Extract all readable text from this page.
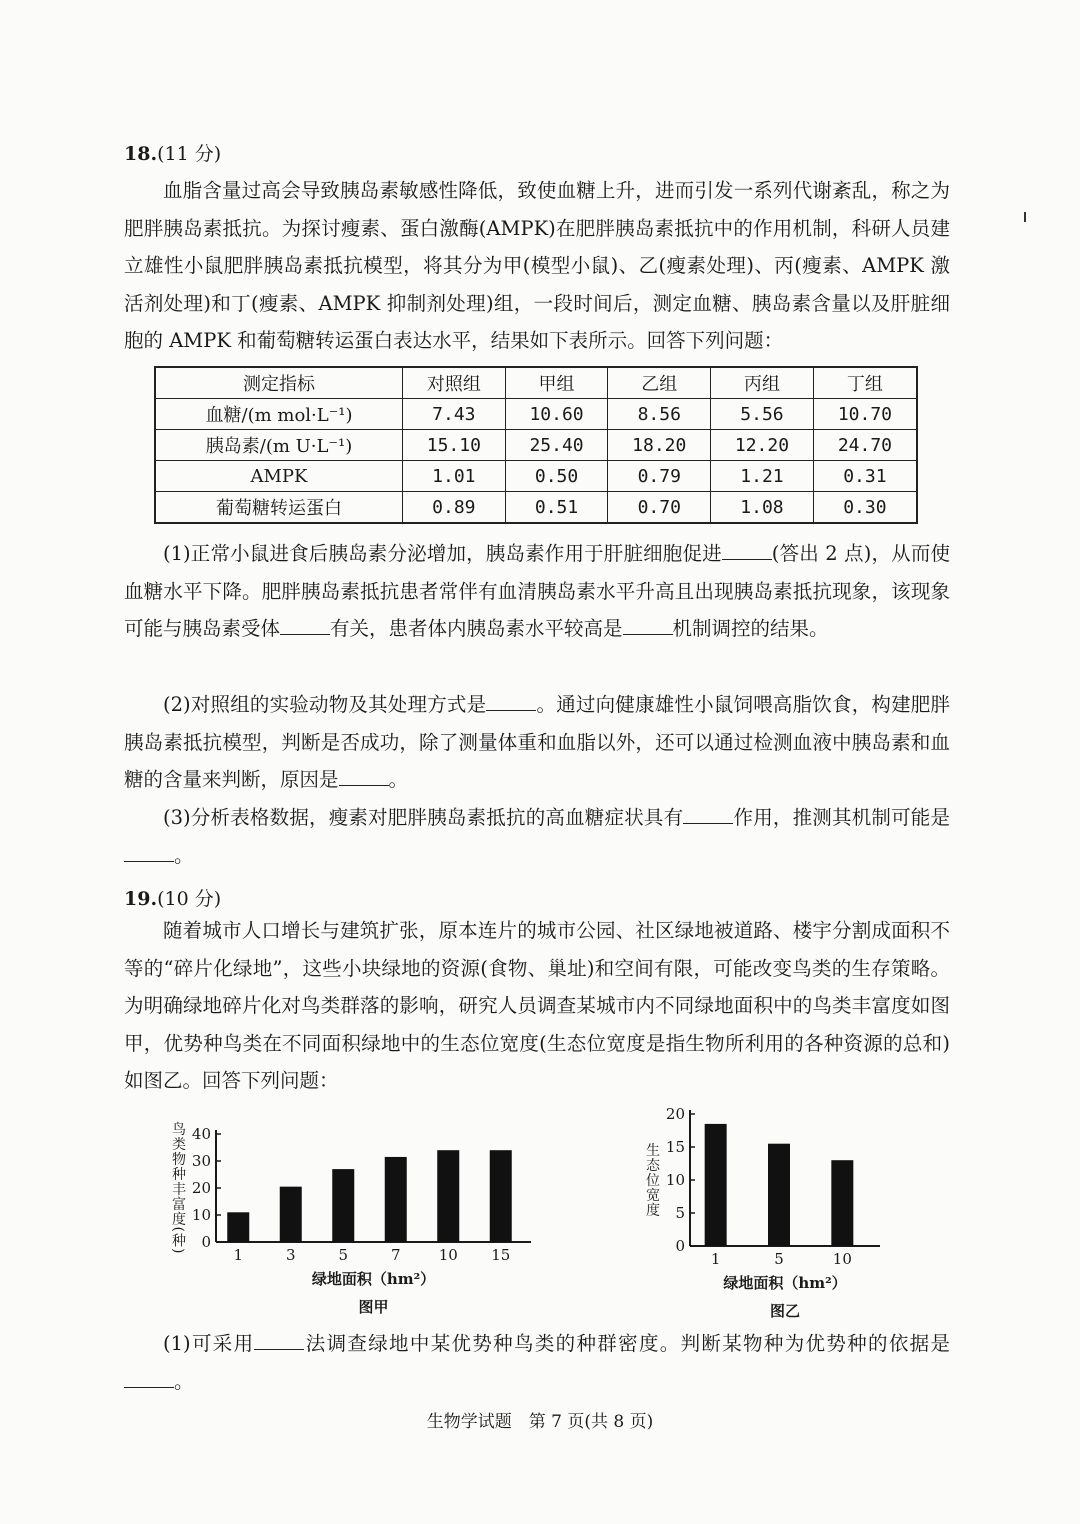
18.(11 分)

血脂含量过高会导致胰岛素敏感性降低，致使血糖上升，进而引发一系列代谢紊乱，称之为肥胖胰岛素抵抗。为探讨瘦素、蛋白激酶(AMPK)在肥胖胰岛素抵抗中的作用机制，科研人员建立雄性小鼠肥胖胰岛素抵抗模型，将其分为甲(模型小鼠)、乙(瘦素处理)、丙(瘦素、AMPK 激活剂处理)和丁(瘦素、AMPK 抑制剂处理)组，一段时间后，测定血糖、胰岛素含量以及肝脏细胞的 AMPK 和葡萄糖转运蛋白表达水平，结果如下表所示。回答下列问题：

测定指标	对照组	甲组	乙组	丙组	丁组
血糖/(m mol·L⁻¹)	7.43	10.60	8.56	5.56	10.70
胰岛素/(m U·L⁻¹)	15.10	25.40	18.20	12.20	24.70
AMPK	1.01	0.50	0.79	1.21	0.31
葡萄糖转运蛋白	0.89	0.51	0.70	1.08	0.30

(1)正常小鼠进食后胰岛素分泌增加，胰岛素作用于肝脏细胞促进	(答出 2 点)，从而使血糖水平下降。肥胖胰岛素抵抗患者常伴有血清胰岛素水平升高且出现胰岛素抵抗现象，该现象可能与胰岛素受体	有关，患者体内胰岛素水平较高是	机制调控的结果。

(2)对照组的实验动物及其处理方式是	。通过向健康雄性小鼠饲喂高脂饮食，构建肥胖胰岛素抵抗模型，判断是否成功，除了测量体重和血脂以外，还可以通过检测血液中胰岛素和血糖的含量来判断，原因是	。

(3)分析表格数据，瘦素对肥胖胰岛素抵抗的高血糖症状具有	作用，推测其机制可能是。

19.(10 分)

随着城市人口增长与建筑扩张，原本连片的城市公园、社区绿地被道路、楼宇分割成面积不等的“碎片化绿地”，这些小块绿地的资源(食物、巢址)和空间有限，可能改变鸟类的生存策略。为明确绿地碎片化对鸟类群落的影响，研究人员调查某城市内不同绿地面积中的鸟类丰富度如图甲，优势种鸟类在不同面积绿地中的生态位宽度(生态位宽度是指生物所利用的各种资源的总和)如图乙。回答下列问题：

0
10
20
30
40
鸟类物种丰富度(种)
1	3	5	7	10 15
绿地面积（hm²）
图甲
0
5
10
15
20
生态位宽度
1	5	10
绿地面积（hm²）
图乙

(1)可采用	法调查绿地中某优势种鸟类的种群密度。判断某物种为优势种的依据是。

生物学试题　第 7 页(共 8 页)
